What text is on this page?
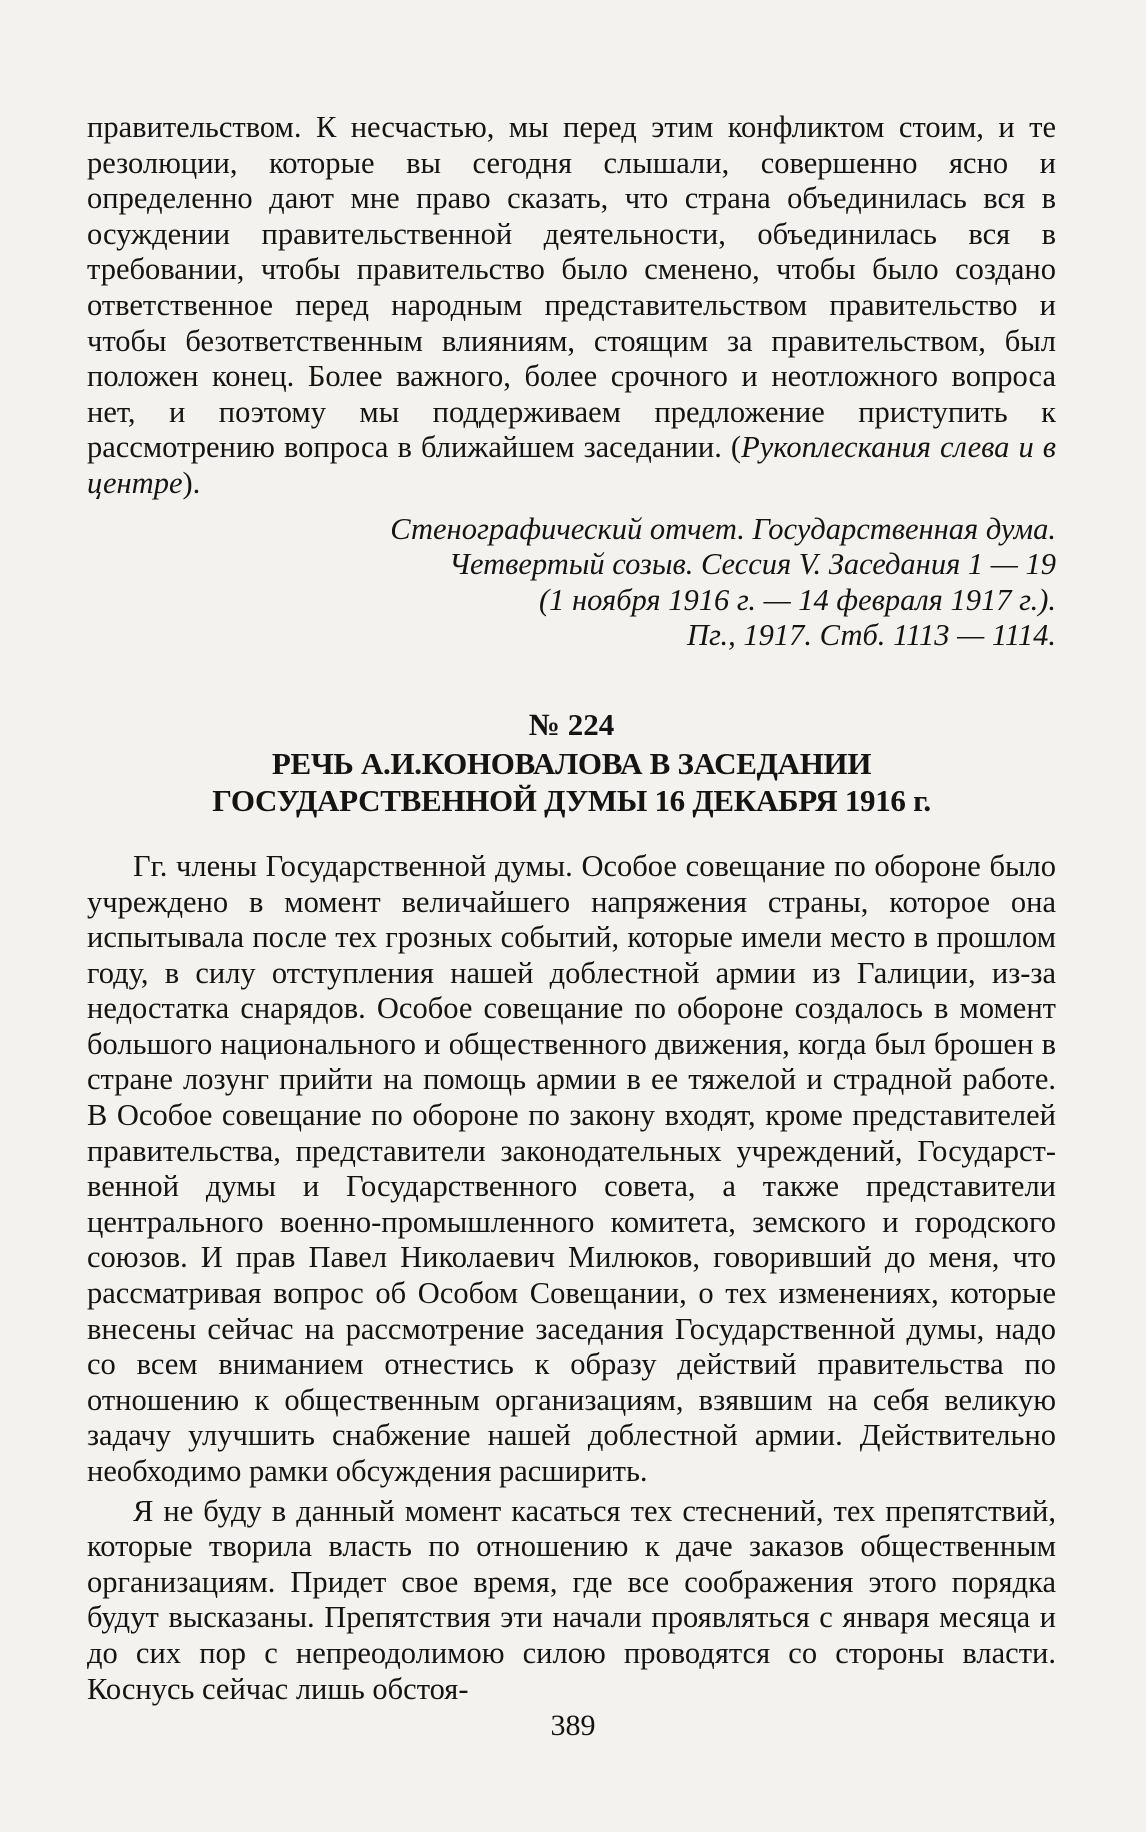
правительством. К несчастью, мы перед этим конфликтом стоим, и те резолюции, которые вы сегодня слышали, совершенно ясно и определенно дают мне право сказать, что страна объединилась вся в осуждении правительственной деятельности, объединилась вся в требовании, чтобы правительство было сменено, чтобы было создано ответственное перед народным представительством правительство и чтобы безответственным влияниям, стоящим за правительством, был положен конец. Более важного, более срочного и неотложного вопроса нет, и поэтому мы поддерживаем предложение приступить к рассмотрению вопроса в ближайшем заседании. (Рукоплескания слева и в центре).

Стенографический отчет. Государственная дума.
Четвертый созыв. Сессия V. Заседания 1 — 19
(1 ноября 1916 г. — 14 февраля 1917 г.).
Пг., 1917. Стб. 1113 — 1114.
№ 224
РЕЧЬ А.И.КОНОВАЛОВА В ЗАСЕДАНИИ
ГОСУДАРСТВЕННОЙ ДУМЫ 16 ДЕКАБРЯ 1916 г.

Гг. члены Государственной думы. Особое совещание по обороне было учреждено в момент величайшего напряжения страны, которое она испытывала после тех грозных событий, которые имели место в прошлом году, в силу отступления нашей доблестной армии из Галиции, из-за недостатка снарядов. Особое совещание по обороне создалось в момент большого национального и общественного движения, когда был брошен в стране лозунг прийти на помощь армии в ее тяжелой и страдной работе. В Особое совещание по обороне по закону входят, кроме представителей правительства, представители законодательных учреждений, Государственной думы и Государственного совета, а также представители центрального военно-промышленного комитета, земского и городского союзов. И прав Павел Николаевич Милюков, говоривший до меня, что рассматривая вопрос об Особом Совещании, о тех изменениях, которые внесены сейчас на рассмотрение заседания Государственной думы, надо со всем вниманием отнестись к образу действий правительства по отношению к общественным организациям, взявшим на себя великую задачу улучшить снабжение нашей доблестной армии. Действительно необходимо рамки обсуждения расширить.

Я не буду в данный момент касаться тех стеснений, тех препятствий, которые творила власть по отношению к даче заказов общественным организациям. Придет свое время, где все соображения этого порядка будут высказаны. Препятствия эти начали проявляться с января месяца и до сих пор с непреодолимою силою проводятся со стороны власти. Коснусь сейчас лишь обстоя-

389
